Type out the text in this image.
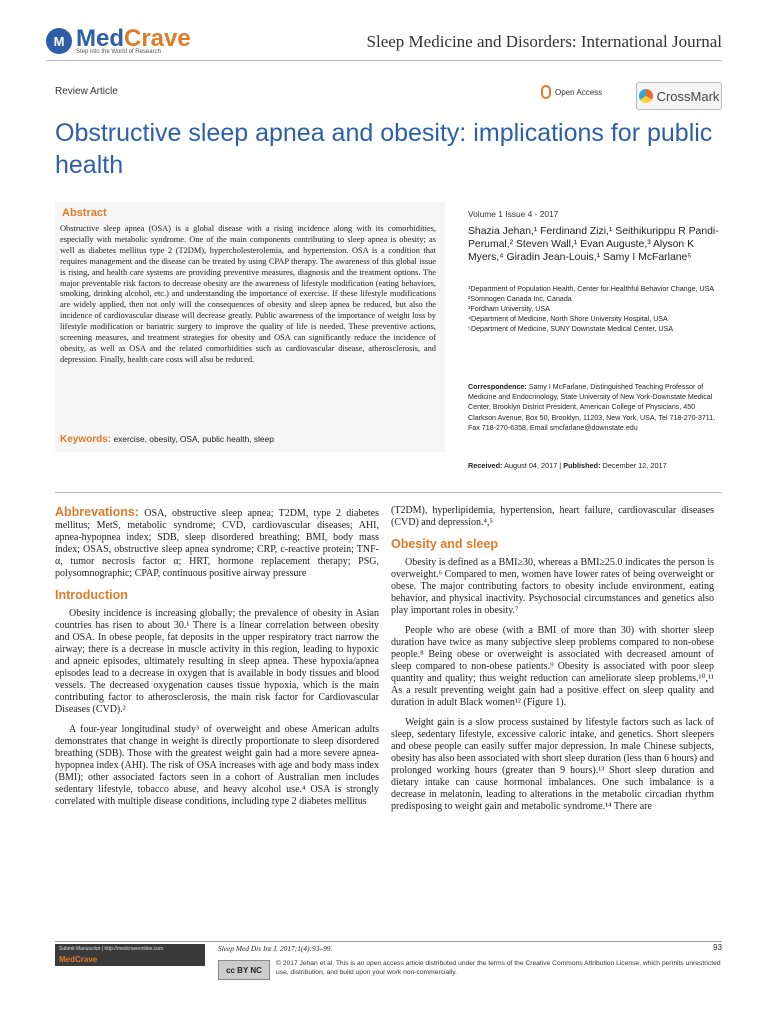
M MedCrave
Step into the World of Research
Sleep Medicine and Disorders: International Journal
Review Article	Open Access	CrossMark
Obstructive sleep apnea and obesity: implications for public health
Abstract
Obstructive sleep apnea (OSA) is a global disease with a rising incidence along with its comorbidities, especially with metabolic syndrome. One of the main components contributing to sleep apnea is obesity; as well as diabetes mellitus type 2 (T2DM), hypercholesterolemia, and hypertension. OSA is a condition that requires management and the disease can be treated by using CPAP therapy. The awareness of this global issue is rising, and health care systems are providing preventive measures, diagnosis and the treatment options. The major preventable risk factors to decrease obesity are the awareness of lifestyle modification (eating behaviors, smoking, drinking alcohol, etc.) and understanding the importance of exercise. If these lifestyle modifications are widely applied, then not only will the consequences of obesity and sleep apnea be reduced, but also the incidence of cardiovascular disease will decrease greatly. Public awareness of the importance of weight loss by lifestyle modification or bariatric surgery to improve the quality of life is needed. These preventive actions, screening measures, and treatment strategies for obesity and OSA can significantly reduce the incidence of obesity, as well as OSA and the related comorbidities such as cardiovascular disease, atherosclerosis, and depression. Finally, health care costs will also be reduced.
Keywords: exercise, obesity, OSA, public health, sleep
Volume 1 Issue 4 - 2017
Shazia Jehan,¹ Ferdinand Zizi,¹ Seithikurippu R Pandi-Perumal,² Steven Wall,¹ Evan Auguste,³ Alyson K Myers,⁴ Giradin Jean-Louis,¹ Samy I McFarlane⁵
¹Department of Population Health, Center for Healthful Behavior Change, USA
²Somnogen Canada Inc, Canada
³Fordham University, USA
⁴Department of Medicine, North Shore University Hospital, USA
⁵Department of Medicine, SUNY Downstate Medical Center, USA
Correspondence: Samy I McFarlane, Distinguished Teaching Professor of Medicine and Endocrinology, State University of New York-Downstate Medical Center, Brooklyn District President, American College of Physicians, 450 Clarkson Avenue, Box 50, Brooklyn, 11203, New York, USA, Tel 718-270-3711, Fax 718-270-6358, Email smcfarlane@downstate.edu
Received: August 04, 2017 | Published: December 12, 2017

Abbrevations: OSA, obstructive sleep apnea; T2DM, type 2 diabetes mellitus; MetS, metabolic syndrome; CVD, cardiovascular diseases; AHI, apnea-hypopnea index; SDB, sleep disordered breathing; BMI, body mass index; OSAS, obstructive sleep apnea syndrome; CRP, c-reactive protein; TNF-α, tumor necrosis factor α; HRT, hormone replacement therapy; PSG, polysomnographic; CPAP, continuous positive airway pressure

Introduction

Obesity incidence is increasing globally; the prevalence of obesity in Asian countries has risen to about 30.¹ There is a linear correlation between obesity and OSA. In obese people, fat deposits in the upper respiratory tract narrow the airway; there is a decrease in muscle activity in this region, leading to hypoxic and apneic episodes, ultimately resulting in sleep apnea. These hypoxia/apnea episodes lead to a decrease in oxygen that is available in body tissues and blood vessels. The decreased oxygenation causes tissue hypoxia, which is the main contributing factor to atherosclerosis, the main risk factor for Cardiovascular Diseases (CVD).²

A four-year longitudinal study³ of overweight and obese American adults demonstrates that change in weight is directly proportionate to sleep disordered breathing (SDB). Those with the greatest weight gain had a more severe apnea-hypopnea index (AHI). The risk of OSA increases with age and body mass index (BMI); other associated factors seen in a cohort of Australian men includes sedentary lifestyle, tobacco abuse, and heavy alcohol use.⁴ OSA is strongly correlated with multiple disease conditions, including type 2 diabetes mellitus

(T2DM), hyperlipidemia, hypertension, heart failure, cardiovascular diseases (CVD) and depression.⁴,⁵

Obesity and sleep

Obesity is defined as a BMI≥30, whereas a BMI≥25.0 indicates the person is overweight.⁶ Compared to men, women have lower rates of being overweight or obese. The major contributing factors to obesity include environment, eating behavior, and physical inactivity. Psychosocial circumstances and genetics also play important roles in obesity.⁷

People who are obese (with a BMI of more than 30) with shorter sleep duration have twice as many subjective sleep problems compared to non-obese people.⁸ Being obese or overweight is associated with decreased amount of sleep compared to non-obese patients.⁹ Obesity is associated with poor sleep quantity and quality; thus weight reduction can ameliorate sleep problems.¹⁰,¹¹ As a result preventing weight gain had a positive effect on sleep quality and duration in adult Black women¹² (Figure 1).

Weight gain is a slow process sustained by lifestyle factors such as lack of sleep, sedentary lifestyle, excessive caloric intake, and genetics. Short sleepers and obese people can easily suffer major depression. In male Chinese subjects, obesity has also been associated with short sleep duration (less than 6 hours) and prolonged working hours (greater than 9 hours).¹³ Short sleep duration and dietary intake can cause hormonal imbalances. One such imbalance is a decrease in melatonin, leading to alterations in the metabolic circadian rhythm predisposing to weight gain and metabolic syndrome.¹⁴ There are

Submit Manuscript | http://medcraveonline.com
MedCrave
Sleep Med Dis Int J. 2017;1(4):93–99.	93
cc BY NC
© 2017 Jehan et al. This is an open access article distributed under the terms of the Creative Commons Attribution License, which permits unrestricted use, distribution, and build upon your work non-commercially.
